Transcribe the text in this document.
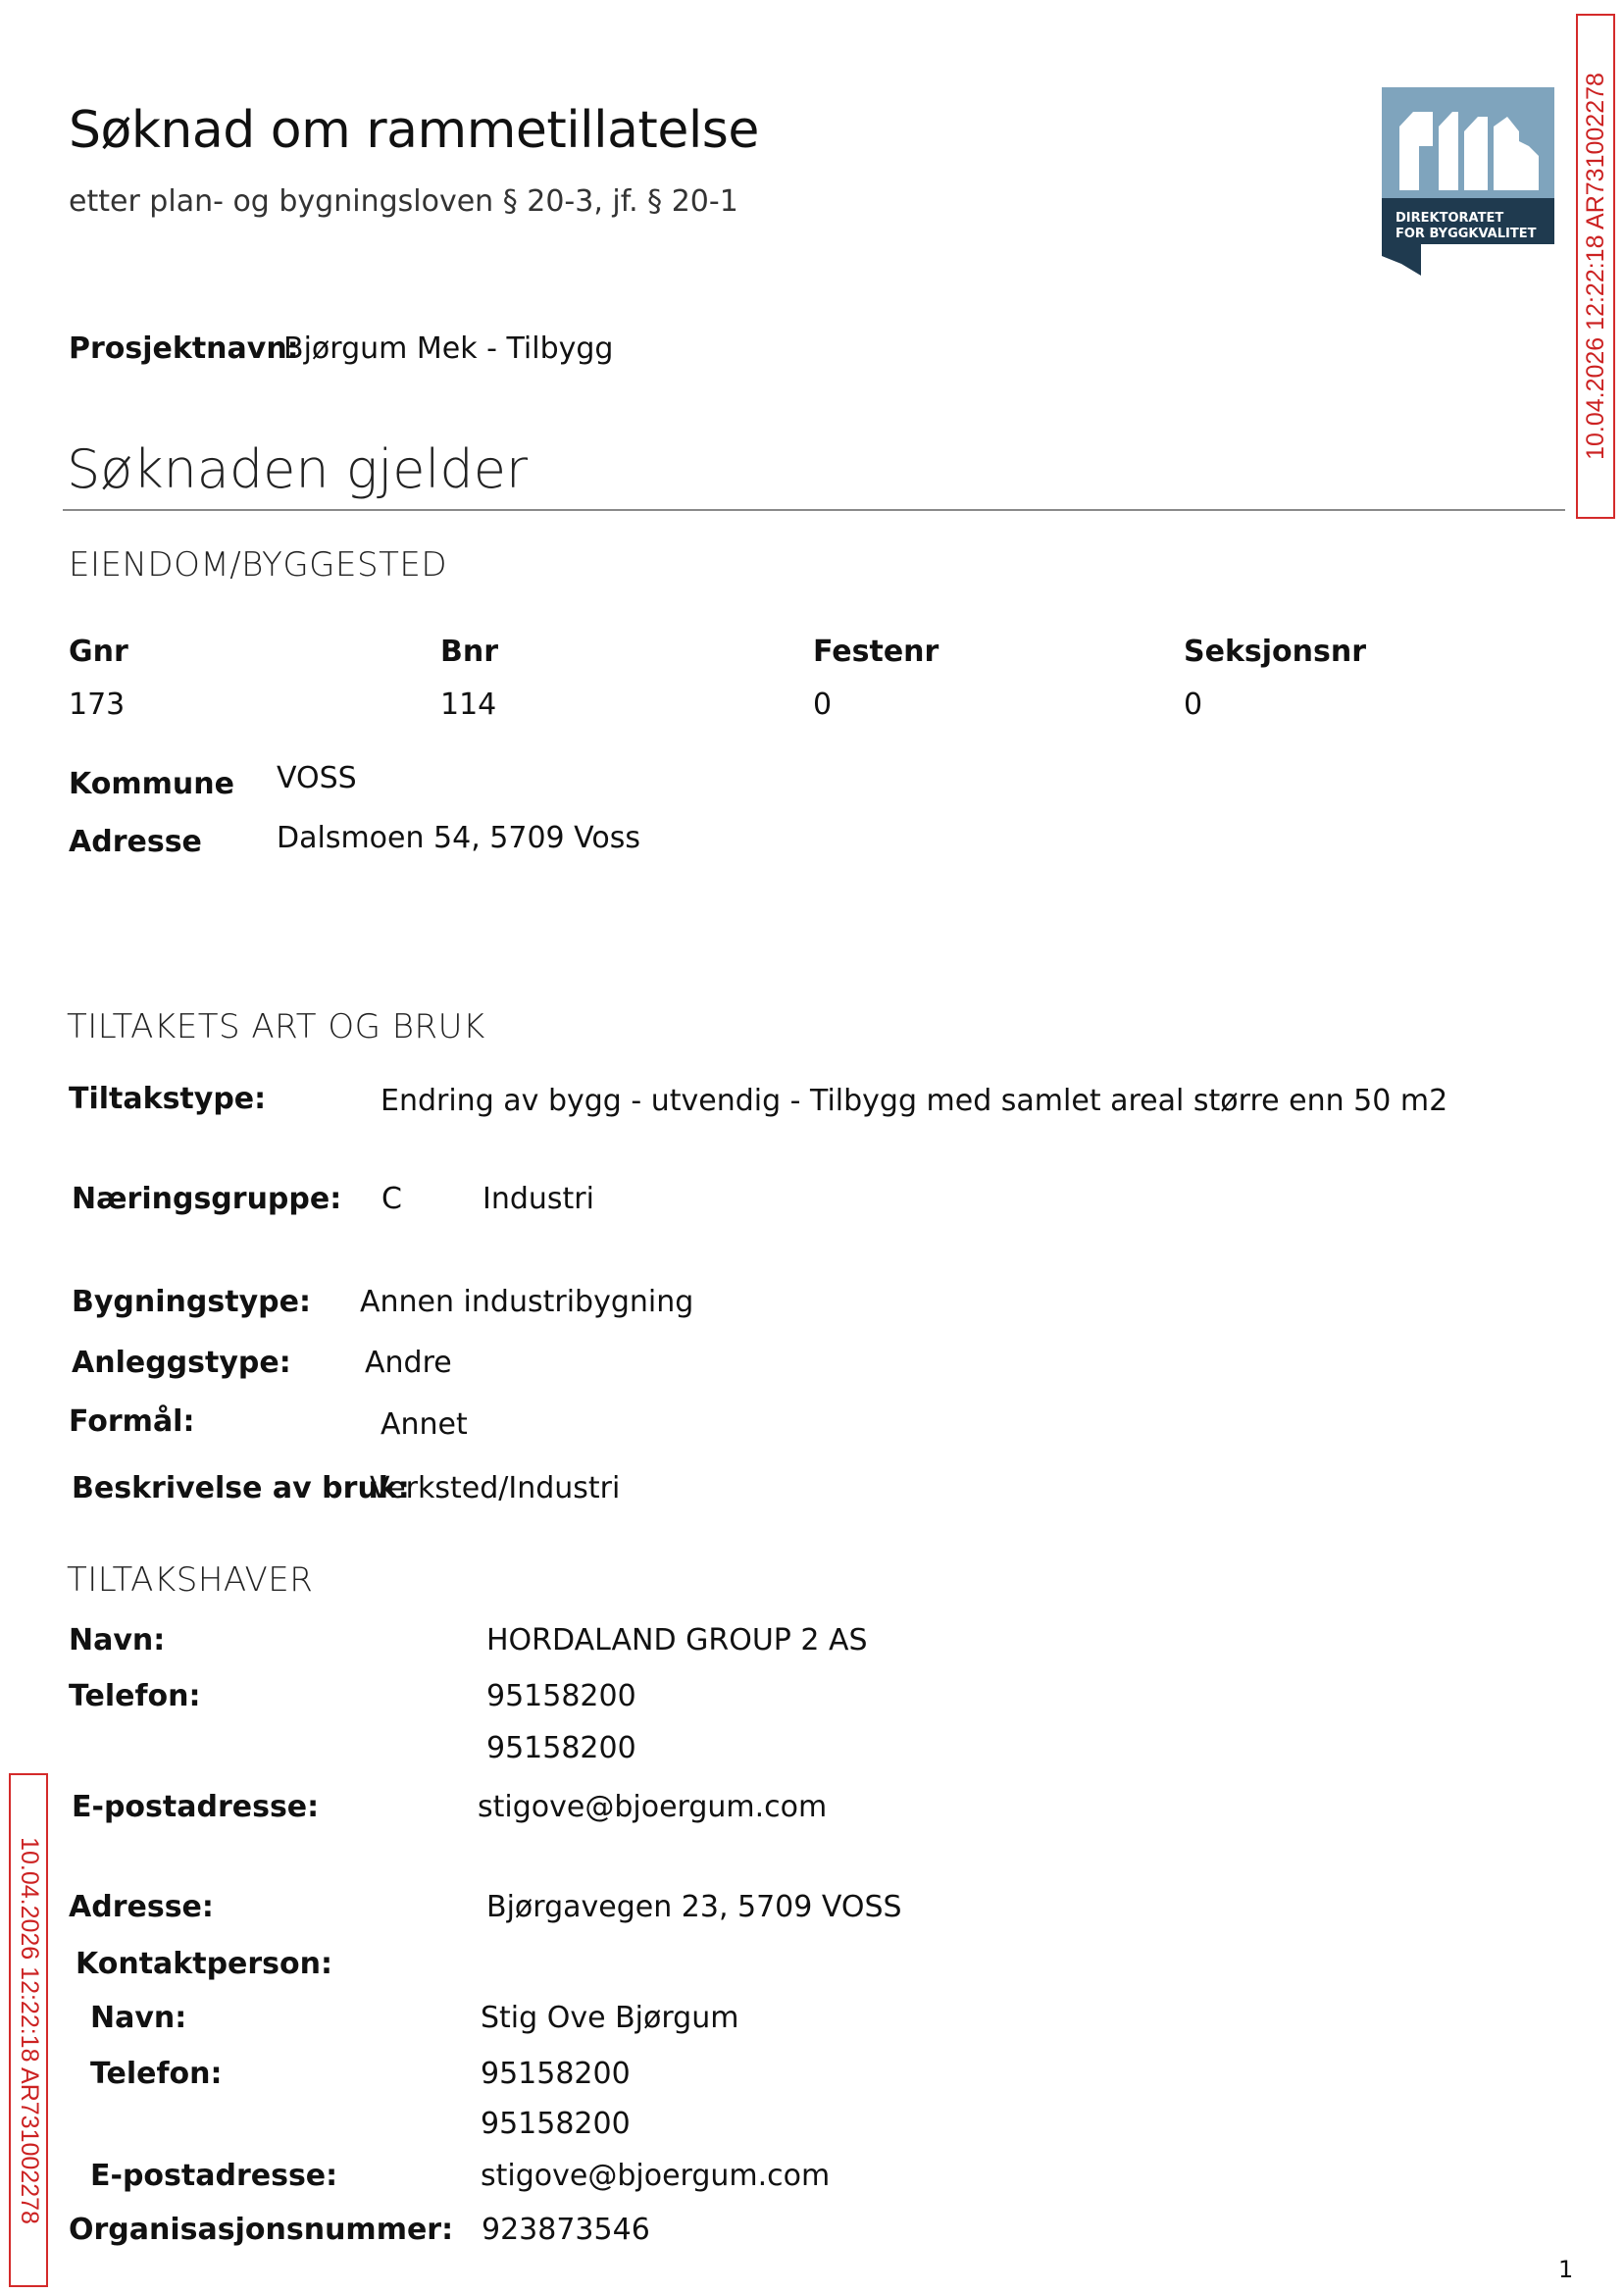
Søknad om rammetillatelse
etter plan- og bygningsloven § 20-3, jf. § 20-1	DIREKTORATET
FOR BYGGKVALITET 10.04.2026 12:22:18 AR731002278
10.04.2026 12:22:18 AR731002278
Prosjektnavn:
Bjørgum Mek - Tilbygg
Søknaden gjelder
EIENDOM/BYGGESTED
Gnr	Bnr	Festenr	Seksjonsnr
173	114	0	0
Kommune VOSS
Adresse	Dalsmoen 54, 5709 Voss
TILTAKETS ART OG BRUK
Tiltakstype:	Endring av bygg - utvendig - Tilbygg med samlet areal større enn 50 m2
Næringsgruppe: C	Industri
Bygningstype: Annen industribygning
Anleggstype:	Andre
Formål:	Annet
Beskrivelse av bruk:
Verksted/Industri
TILTAKSHAVER
Navn:	HORDALAND GROUP 2 AS
Telefon:	95158200
95158200
E-postadresse:	stigove@bjoergum.com
Adresse:	Bjørgavegen 23, 5709 VOSS
Kontaktperson:
Navn:	Stig Ove Bjørgum
Telefon:	95158200
95158200
E-postadresse:	stigove@bjoergum.com
Organisasjonsnummer: 923873546
1
